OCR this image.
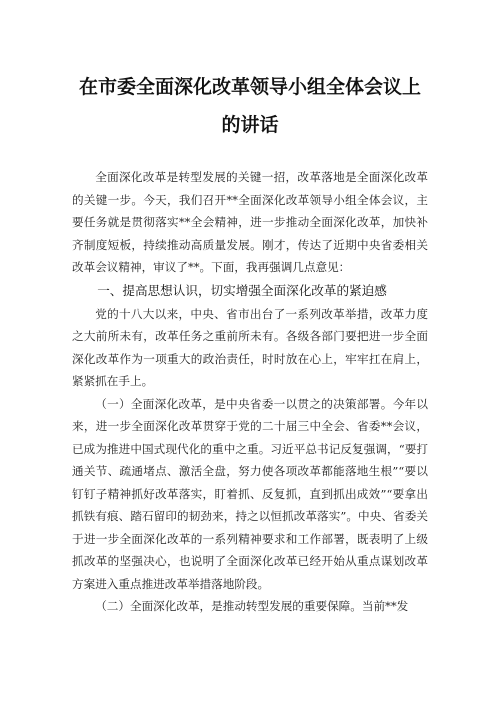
在市委全面深化改革领导小组全体会议上
的讲话

全面深化改革是转型发展的关键一招，改革落地是全面深化改革的关键一步。今天，我们召开**全面深化改革领导小组全体会议，主要任务就是贯彻落实**全会精神，进一步推动全面深化改革，加快补齐制度短板，持续推动高质量发展。刚才，传达了近期中央省委相关改革会议精神，审议了**。下面，我再强调几点意见：

一、提高思想认识，切实增强全面深化改革的紧迫感

党的十八大以来，中央、省市出台了一系列改革举措，改革力度之大前所未有，改革任务之重前所未有。各级各部门要把进一步全面深化改革作为一项重大的政治责任，时时放在心上，牢牢扛在肩上，紧紧抓在手上。

（一）全面深化改革，是中央省委一以贯之的决策部署。今年以来，进一步全面深化改革贯穿于党的二十届三中全会、省委**会议，已成为推进中国式现代化的重中之重。习近平总书记反复强调，“要打通关节、疏通堵点、激活全盘，努力使各项改革都能落地生根”“要以钉钉子精神抓好改革落实，盯着抓、反复抓，直到抓出成效”“要拿出抓铁有痕、踏石留印的韧劲来，持之以恒抓改革落实”。中央、省委关于进一步全面深化改革的一系列精神要求和工作部署，既表明了上级抓改革的坚强决心，也说明了全面深化改革已经开始从重点谋划改革方案进入重点推进改革举措落地阶段。

（二）全面深化改革，是推动转型发展的重要保障。当前**发
